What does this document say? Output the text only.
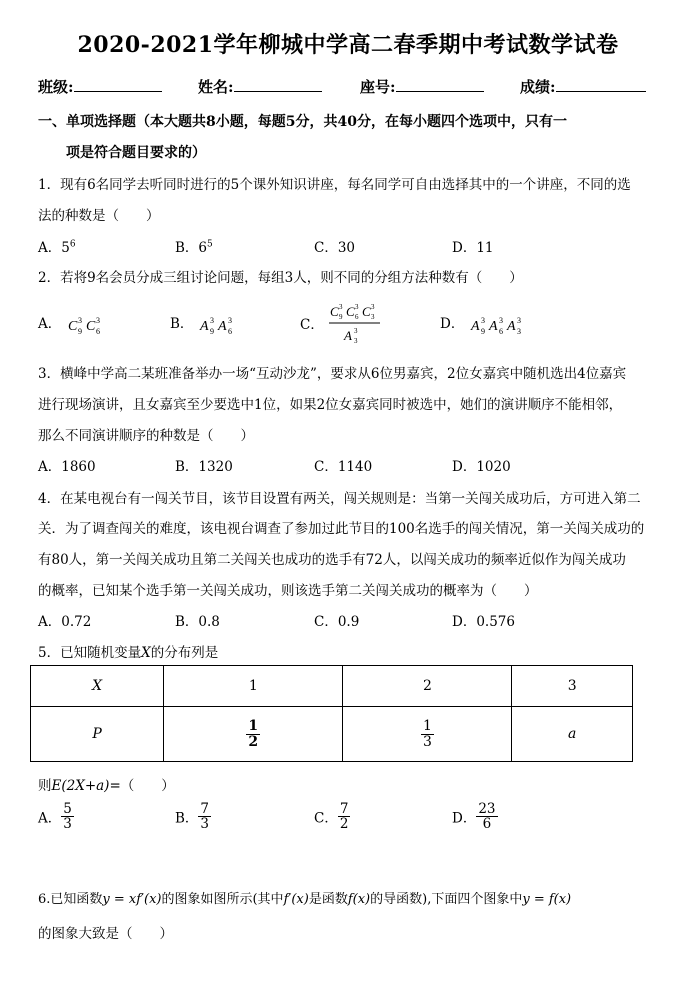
2020-2021学年柳城中学高二春季期中考试数学试卷
班级:	姓名:	座号:	成绩:
一、单项选择题（本大题共8小题，每题5分，共40分，在每小题四个选项中，只有一
项是符合题目要求的）
1．现有6名同学去听同时进行的5个课外知识讲座，每名同学可自由选择其中的一个讲座，不同的选
法的种数是（　　）
A．$5^6$	B．$6^5$	C．30	D．11
2．若将9名会员分成三组讨论问题，每组3人，则不同的分组方法种数有（　　）
A． C 3
9 C 3
6	B． A 3
9 A 3
6	C．
C 3
9 C 3
6 C 3
3
A 3
3
D． A 3
9 A 3
6 A 3
3
3．横峰中学高二某班准备举办一场“互动沙龙”，要求从6位男嘉宾，2位女嘉宾中随机选出4位嘉宾
进行现场演讲，且女嘉宾至少要选中1位，如果2位女嘉宾同时被选中，她们的演讲顺序不能相邻，
那么不同演讲顺序的种数是（　　）
A．1860	B．1320	C．1140	D．1020
4．在某电视台有一闯关节目，该节目设置有两关，闯关规则是：当第一关闯关成功后，方可进入第二
关．为了调查闯关的难度，该电视台调查了参加过此节目的100名选手的闯关情况，第一关闯关成功的
有80人，第一关闯关成功且第二关闯关也成功的选手有72人，以闯关成功的频率近似作为闯关成功
的概率，已知某个选手第一关闯关成功，则该选手第二关闯关成功的概率为（　　）
A．0.72	B．0.8	C．0.9	D．0.576
5．已知随机变量X的分布列是
X	1	2	3
P	$\frac{1}{2}$	$\frac{1}{3}$	a
则E(2X+a)=（　　）
A． $\frac{5}{3}$	B． $\frac{7}{3}$	C． $\frac{7}{2}$	D． $\frac{23}{6}$
6.已知函数y = xf′(x)的图象如图所示(其中f′(x)是函数f(x)的导函数),下面四个图象中y = f(x)
的图象大致是（　　）
